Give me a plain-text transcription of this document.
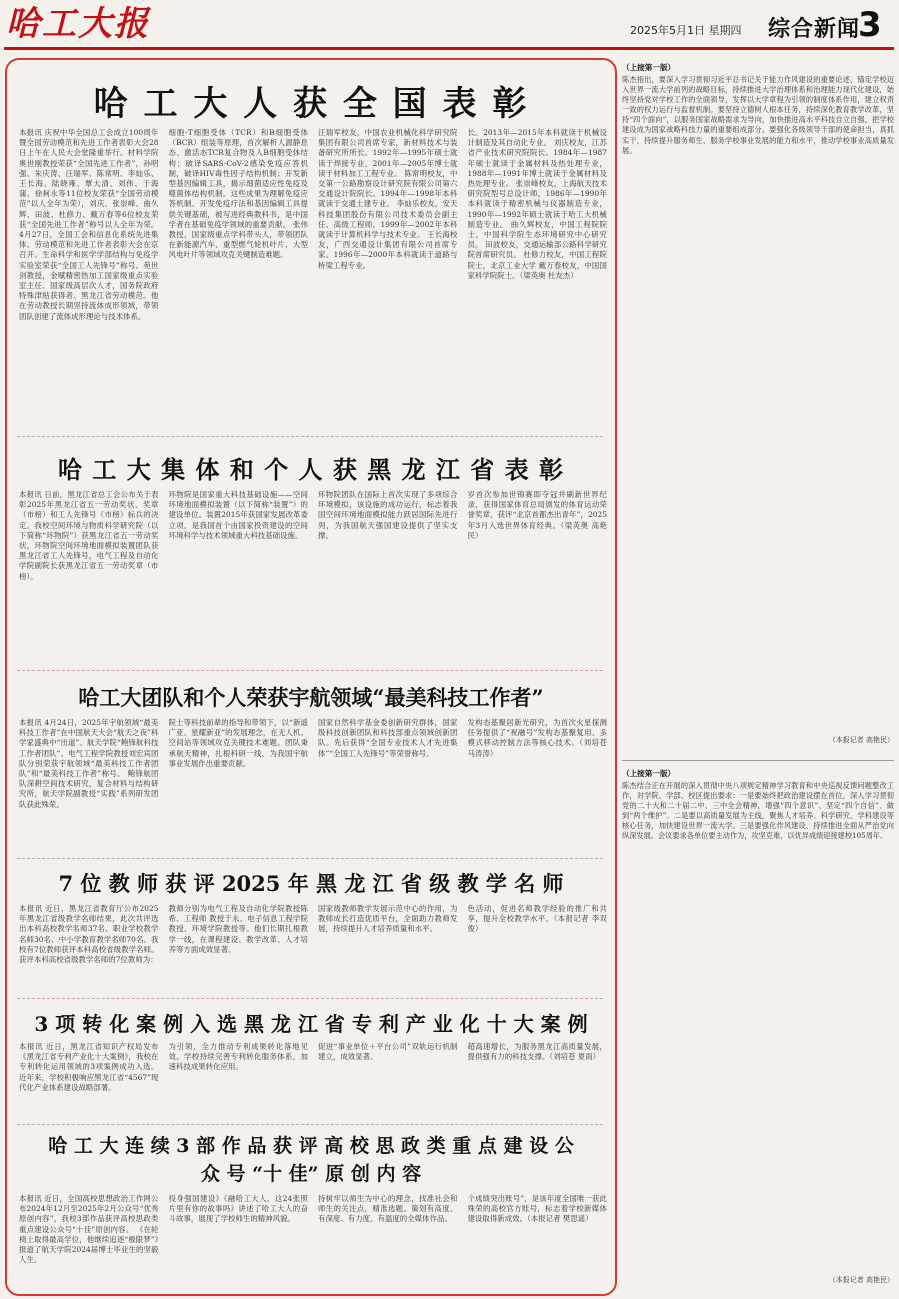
哈工大报	2025年5月1日 星期四 综合新闻
3
哈 工 大 人 获 全 国 表 彰
本报讯 庆祝中华全国总工会成立100周年暨全国劳动模范和先进工作者表彰大会28日上午在人民大会堂隆重举行。材料学院奥世刚教授荣获“全国先进工作者”，孙明强、朱庆涛、汪瑞军、陈常明、李灿乐、王长海、陆晓雍、覃大清、刘伟、于海蒲、徐柯永等11位校友荣获“全国劳动模范”以人全年为荣），刘庆、张崇峰、曲久辉、田波、杜修力、戴万春等6位校友荣获“全国先进工作者”称号以人全年为荣。 4月27日，全国工会和信息化系统先进集体、劳动模范和先进工作者表彰大会在京召开。生命科学和医学学部结构与免疫学实验室荣获“全国工人先锋号”称号。苑世剑教授，金赋精密热加工国家级重点实验室主任、国家级高层次人才，国务院政府特殊津贴获得者、黑龙江省劳动模范。他在劳动教授长期坚持流体成形领域，带领团队创建了流体成形理论与技术体系。
细胞-T细胞受体（TCR）和B细胞受体（BCR）组装等原理，首次解析人源静息态、激活态TCR复合物及人B细胞受体结构；破译SARS-CoV-2感染免疫应答机制，破译HIV毒性因子结构机制；开发新型基因编辑工具，揭示细菌适应性免疫及噬菌体结构机制。这些成果为理解免疫应答机制、开发免疫疗法和基因编辑工具提供关键基础，被写进经典教科书，是中国学者在基础免疫学领域的重要贡献。 张伟教授，国家级重点学科带头人，带领团队在新能源汽车、重型燃气轮机叶片、大型风电叶片等领域攻克关键制造难题。
汪瑞军校友，中国农业机械化科学研究院集团有限公司首席专家，新材料技术与装备研究所所长。1992年—1995年硕士就读于焊接专业，2001年—2005年博士就读于材料加工工程专业。 陈常明校友，中交第一公路勘察设计研究院有限公司第六交通设计院院长。1994年—1998年本科就读于交通土建专业。 李灿乐校友，安天科技集团股份有限公司技术委员会副主任、高级工程师，1999年—2002年本科就读于计算机科学与技术专业。 王长海校友，广西交通设计集团有限公司首席专家。1996年—2000年本科就读于道路与桥梁工程专业。
长。2013年—2015年本科就读于机械设计制造及其自动化专业。 刘庆校友，江苏省产业技术研究院院长。1984年—1987年硕士就读于金属材料及热处理专业，1988年—1991年博士就读于金属材料及热处理专业。 张崇峰校友，上海航天技术研究院型号总设计师，1986年—1990年本科就读于精密机械与仪器制造专业，1990年—1992年硕士就读于哈工大机械制造专业。 曲久辉校友，中国工程院院士，中国科学院生态环境研究中心研究员。 田波校友，交通运输部公路科学研究院首席研究员。 杜修力校友，中国工程院院士，北京工业大学 戴万春校友，中国国家科学院院士。（梁英奥 杜友杰）
哈 工 大 集 体 和 个 人 获 黑 龙 江 省 表 彰
本报讯 日前，黑龙江省总工会公布关于表彰2025年黑龙江省五一劳动奖状、奖章（市榜）和工人先锋号（市榜）标兵的决定。我校空间环境与物质科学研究院（以下简称“环物院”）获黑龙江省五一劳动奖状，环物院空间环境地面模拟装置团队获黑龙江省工人先锋号，电气工程及自动化学院副院长获黑龙江省五一劳动奖章（市榜）。
环物院是国家重大科技基础设施——空间环境地面模拟装置（以下简称“装置”）的建设单位。装置2015年获国家发展改革委立项，是我国首个由国家投资建设的空间环境科学与技术领域重大科技基础设施。
环物院团队在国际上首次实现了多项综合环境模拟，该设施的成功运行，标志着我国空间环境地面模拟能力跃居国际先进行列，为我国航天强国建设提供了坚实支撑。
岁首次参加世锦赛即夺冠并刷新世界纪录，获得国家体育总局颁发的体育运动荣誉奖章，获评“北京首都杰出青年”，2025年3月入选世界体育经典。（梁英奥 高艳民）
哈工大团队和个人荣获宇航领域“最美科技工作者”
本报讯 4月24日，2025年宇航领域“最美科技工作者”在中国航天大会“航天之夜”科学家盛典中“出道”。航天学院“鲍锋航科技工作者团队”、电气工程学院教授刘宏宾团队分别荣获宇航领域“最美科技工作者团队”和“最美科技工作者”称号。 鲍锋航团队深耕空间技术研究，复合材料与结构研究所，航天学院副教授“实践”系列研发团队获此殊荣。
院士等科技前辈的指导和带领下，以“新遥广亚、星耀新亚”的发展理念，在无人机、空间站等领域攻克关键技术难题。团队秉承航天精神，扎根科研一线，为我国宇航事业发展作出重要贡献。
国家自然科学基金委创新研究群体，国家级科技创新团队和科技部重点领域创新团队。先后获得“全国专业技术人才先进集体”“全国工人先锋号”等荣誉称号。
发构态基聚居新光研究，为首次火星探测任务提供了“祝融号”发构态基聚复用、多模式移动控制方法等核心技术。（刘培苍 马涛涛）
7 位 教 师 获 评 2025 年 黑 龙 江 省 级 教 学 名 师
本报讯 近日，黑龙江省教育厅公布2025年黑龙江省级教学名师结果，此次共评选出本科高校教学名师37名、职业学校教学名师30名、中小学教育教学名师70名。我校有7位教师获评本科高校省级教学名师。 获评本科高校省级教学名师的7位教师为：
教师分别为电气工程及自动化学院教授陈希、工程师 教授于永、电子信息工程学院教授、环境学院教授等。他们长期扎根教学一线，在课程建设、教学改革、人才培养等方面成效显著。
国家级教师教学发展示范中心的作用，为教师成长打造优质平台，全面助力教师发展，持续提升人才培养质量和水平。
色活动，促进名师教学经验的推广和共享，提升全校教学水平。（本报记者 李双俊）
3 项 转 化 案 例 入 选 黑 龙 江 省 专 利 产 业 化 十 大 案 例
本报讯 近日，黑龙江省知识产权局发布《黑龙江省专利产业化十大案例》，我校在专利转化运用领域的3项案例成功入选。 近年来，学校积极响应黑龙江省“4567”现代化产业体系建设战略部署。
为引领，全力推动专利成果转化落地见效。学校持续完善专利转化服务体系，加速科技成果转化应用。
促进“事业单位＋平台公司”双轨运行机制建立，成效显著。
超高速增长，为服务黑龙江高质量发展，提供强有力的科技支撑。（刘培苍 夏雨）
哈 工 大 连 续 3 部 作 品 获 评 高 校 思 政 类 重 点 建 设 公 众 号 “十 佳” 原 创 内 容
本报讯 近日，全国高校思想政治工作网公布2024年12月至2025年2月公众号“优秀原创内容”，我校3部作品获评高校思政类重点建设公众号“十佳”原创内容。 《在轮椅上取得最高学位，他继续追逐“极限梦”》报道了航天学院2024届博士毕业生的坚毅人生。
投身强国建设》《融哈工大人，这24张照片里有你的故事吗》讲述了哈工大人的奋斗故事，展现了学校师生的精神风貌。
持树牢以师生为中心的理念，找准社会和师生的关注点，精准选题、策划有高度、有深度、有力度、有温度的全媒体作品。
个成绩突出账号”，是该年度全国唯一获此殊荣的高校官方账号，标志着学校新媒体建设取得新成效。（本报记者 樊思遥）
（上接第一版）
陈杰指出，要深入学习贯彻习近平总书记关于能力作风建设的重要论述，锚定学校迈入世界一流大学前列的战略目标，持续推进大学治理体系和治理能力现代化建设，始终坚持党对学校工作的全面领导，发挥以大学章程为引领的制度体系作用，建立权责一致的权力运行与监督机制。要坚持立德树人根本任务，持续深化教育教学改革，坚持“四个面向”，以服务国家战略需求为导向，加快推进高水平科技自立自强，把学校建设成为国家战略科技力量的重要组成部分。要强化各级领导干部的使命担当，真抓实干，持续提升服务师生、服务学校事业发展的能力和水平，推动学校事业高质量发展。
（本报记者 高艳民）
（上接第一版）
陈杰结合正在开展的深入贯彻中央八项规定精神学习教育和中央巡视反馈问题整改工作，对学院、学部、校区提出要求：一是要始终把政治建设摆在首位，深入学习贯彻党的二十大和二十届二中、三中全会精神，增强“四个意识”、坚定“四个自信”、做到“两个维护”。二是要以高质量发展为主线，聚焦人才培养、科学研究、学科建设等核心任务，加快建设世界一流大学。三是要强化作风建设，持续推进全面从严治党向纵深发展。会议要求各单位要主动作为，攻坚克难，以优异成绩迎接建校105周年。
（本报记者 高艳民）
